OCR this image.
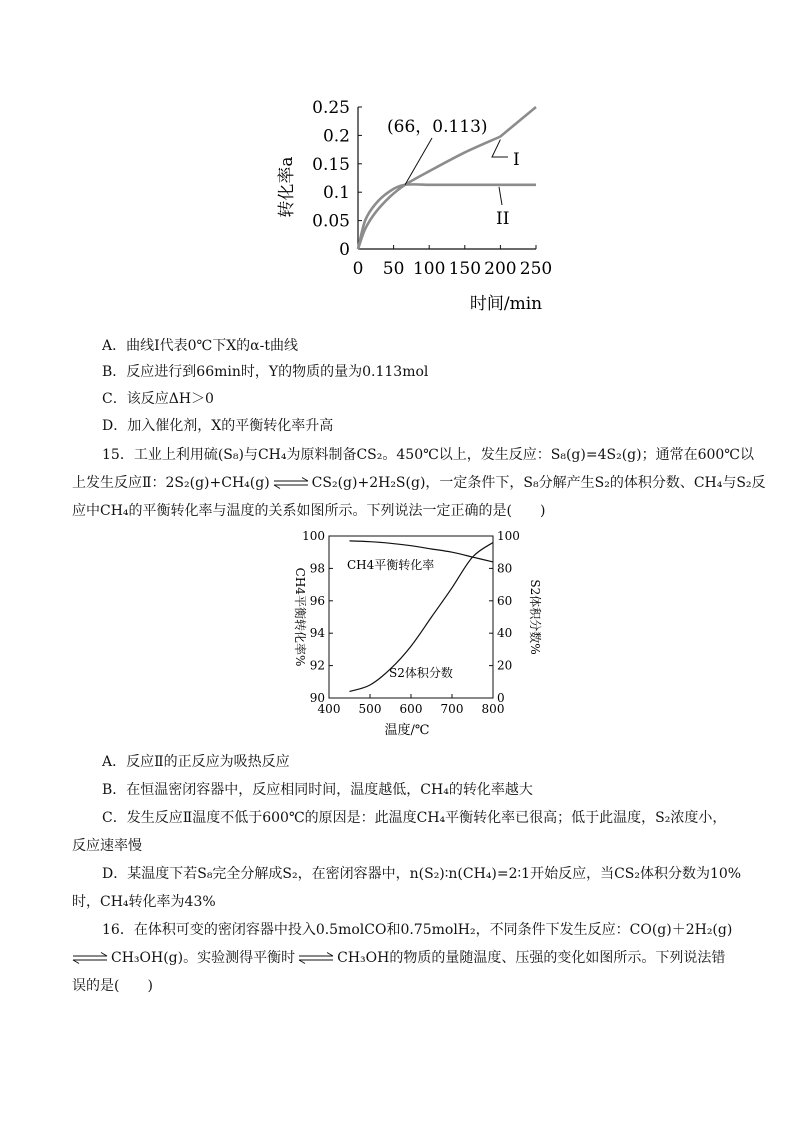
0 50 100 150 200 250
0
0.05
0.1
0.15
0.2
0.25
转化率a
时间/min
(66，0.113)
I
II
A．曲线Ⅰ代表0℃下X的α-t曲线
B．反应进行到66min时，Y的物质的量为0.113mol
C．该反应ΔH＞0
D．加入催化剂，X的平衡转化率升高
15．工业上利用硫(S₈)与CH₄为原料制备CS₂。450℃以上，发生反应：S₈(g)=4S₂(g)；通常在600℃以
上发生反应Ⅱ：2S₂(g)+CH₄(g) ⇌ CS₂(g)+2H₂S(g)，一定条件下，S₈分解产生S₂的体积分数、CH₄与S₂反
应中CH₄的平衡转化率与温度的关系如图所示。下列说法一定正确的是(　　)
400 500 600 700 800
90
92
94
96
98
100
0
20
40
60
80
100
温度/℃
CH4平衡转化率%	S2体积分数%
CH4平衡转化率
S2体积分数
A．反应Ⅱ的正反应为吸热反应
B．在恒温密闭容器中，反应相同时间，温度越低，CH₄的转化率越大
C．发生反应Ⅱ温度不低于600℃的原因是：此温度CH₄平衡转化率已很高；低于此温度，S₂浓度小，
反应速率慢
D．某温度下若S₈完全分解成S₂，在密闭容器中，n(S₂)∶n(CH₄)=2∶1开始反应，当CS₂体积分数为10%
时，CH₄转化率为43%
16．在体积可变的密闭容器中投入0.5molCO和0.75molH₂，不同条件下发生反应：CO(g)＋2H₂(g)
⇌ CH₃OH(g)。实验测得平衡时 ⇌ CH₃OH的物质的量随温度、压强的变化如图所示。下列说法错
误的是(　　)
